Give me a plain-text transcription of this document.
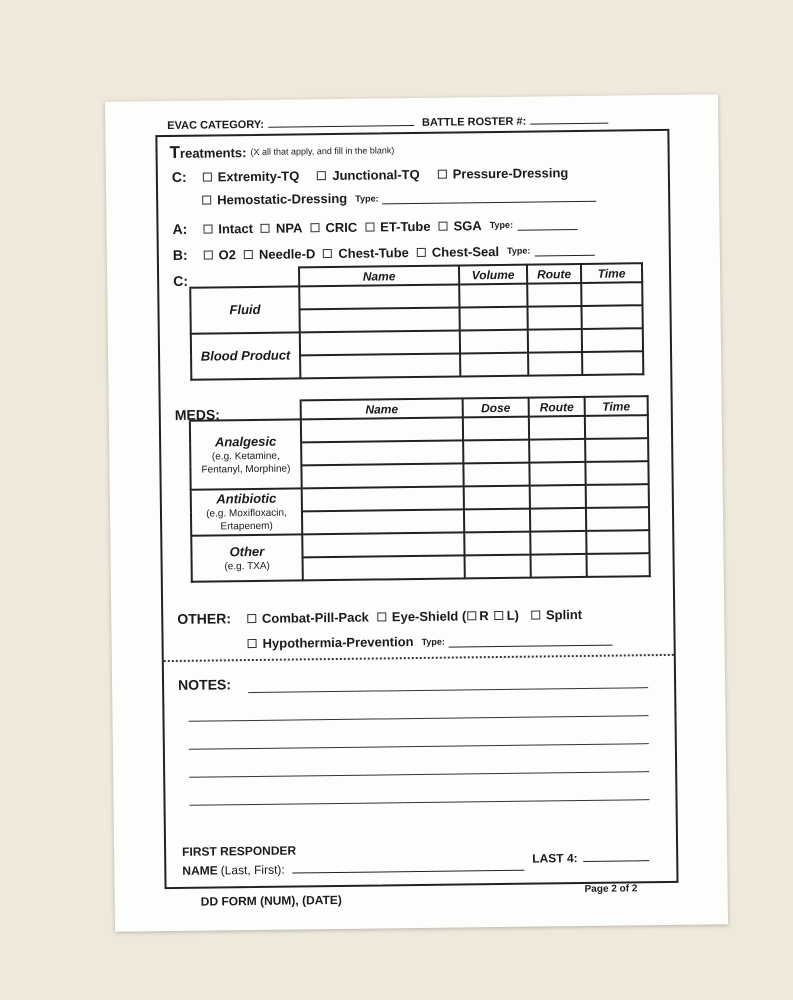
EVAC CATEGORY:	BATTLE ROSTER #:
T reatments: (X all that apply, and fill in the blank)
C: Extremity-TQ	Junctional-TQ	Pressure-Dressing
Hemostatic-Dressing Type:
A: Intact NPA CRIC ET-Tube SGA Type:
B: O2 Needle-D Chest-Tube Chest-Seal Type:
C:
		Name	Volume	Route	Time
Fluid				

Blood Product				

MEDS:
		Name	Dose	Route	Time
Analgesic
(e.g. Ketamine, Fentanyl, Morphine)				

Antibiotic
(e.g. Moxifloxacin, Ertapenem)				

Other
(e.g. TXA)				

OTHER: Combat-Pill-Pack Eye-Shield ( R L) Splint
Hypothermia-Prevention Type:
NOTES:
FIRST RESPONDER
NAME (Last, First):
LAST 4:
DD FORM (NUM), (DATE)
Page 2 of 2
